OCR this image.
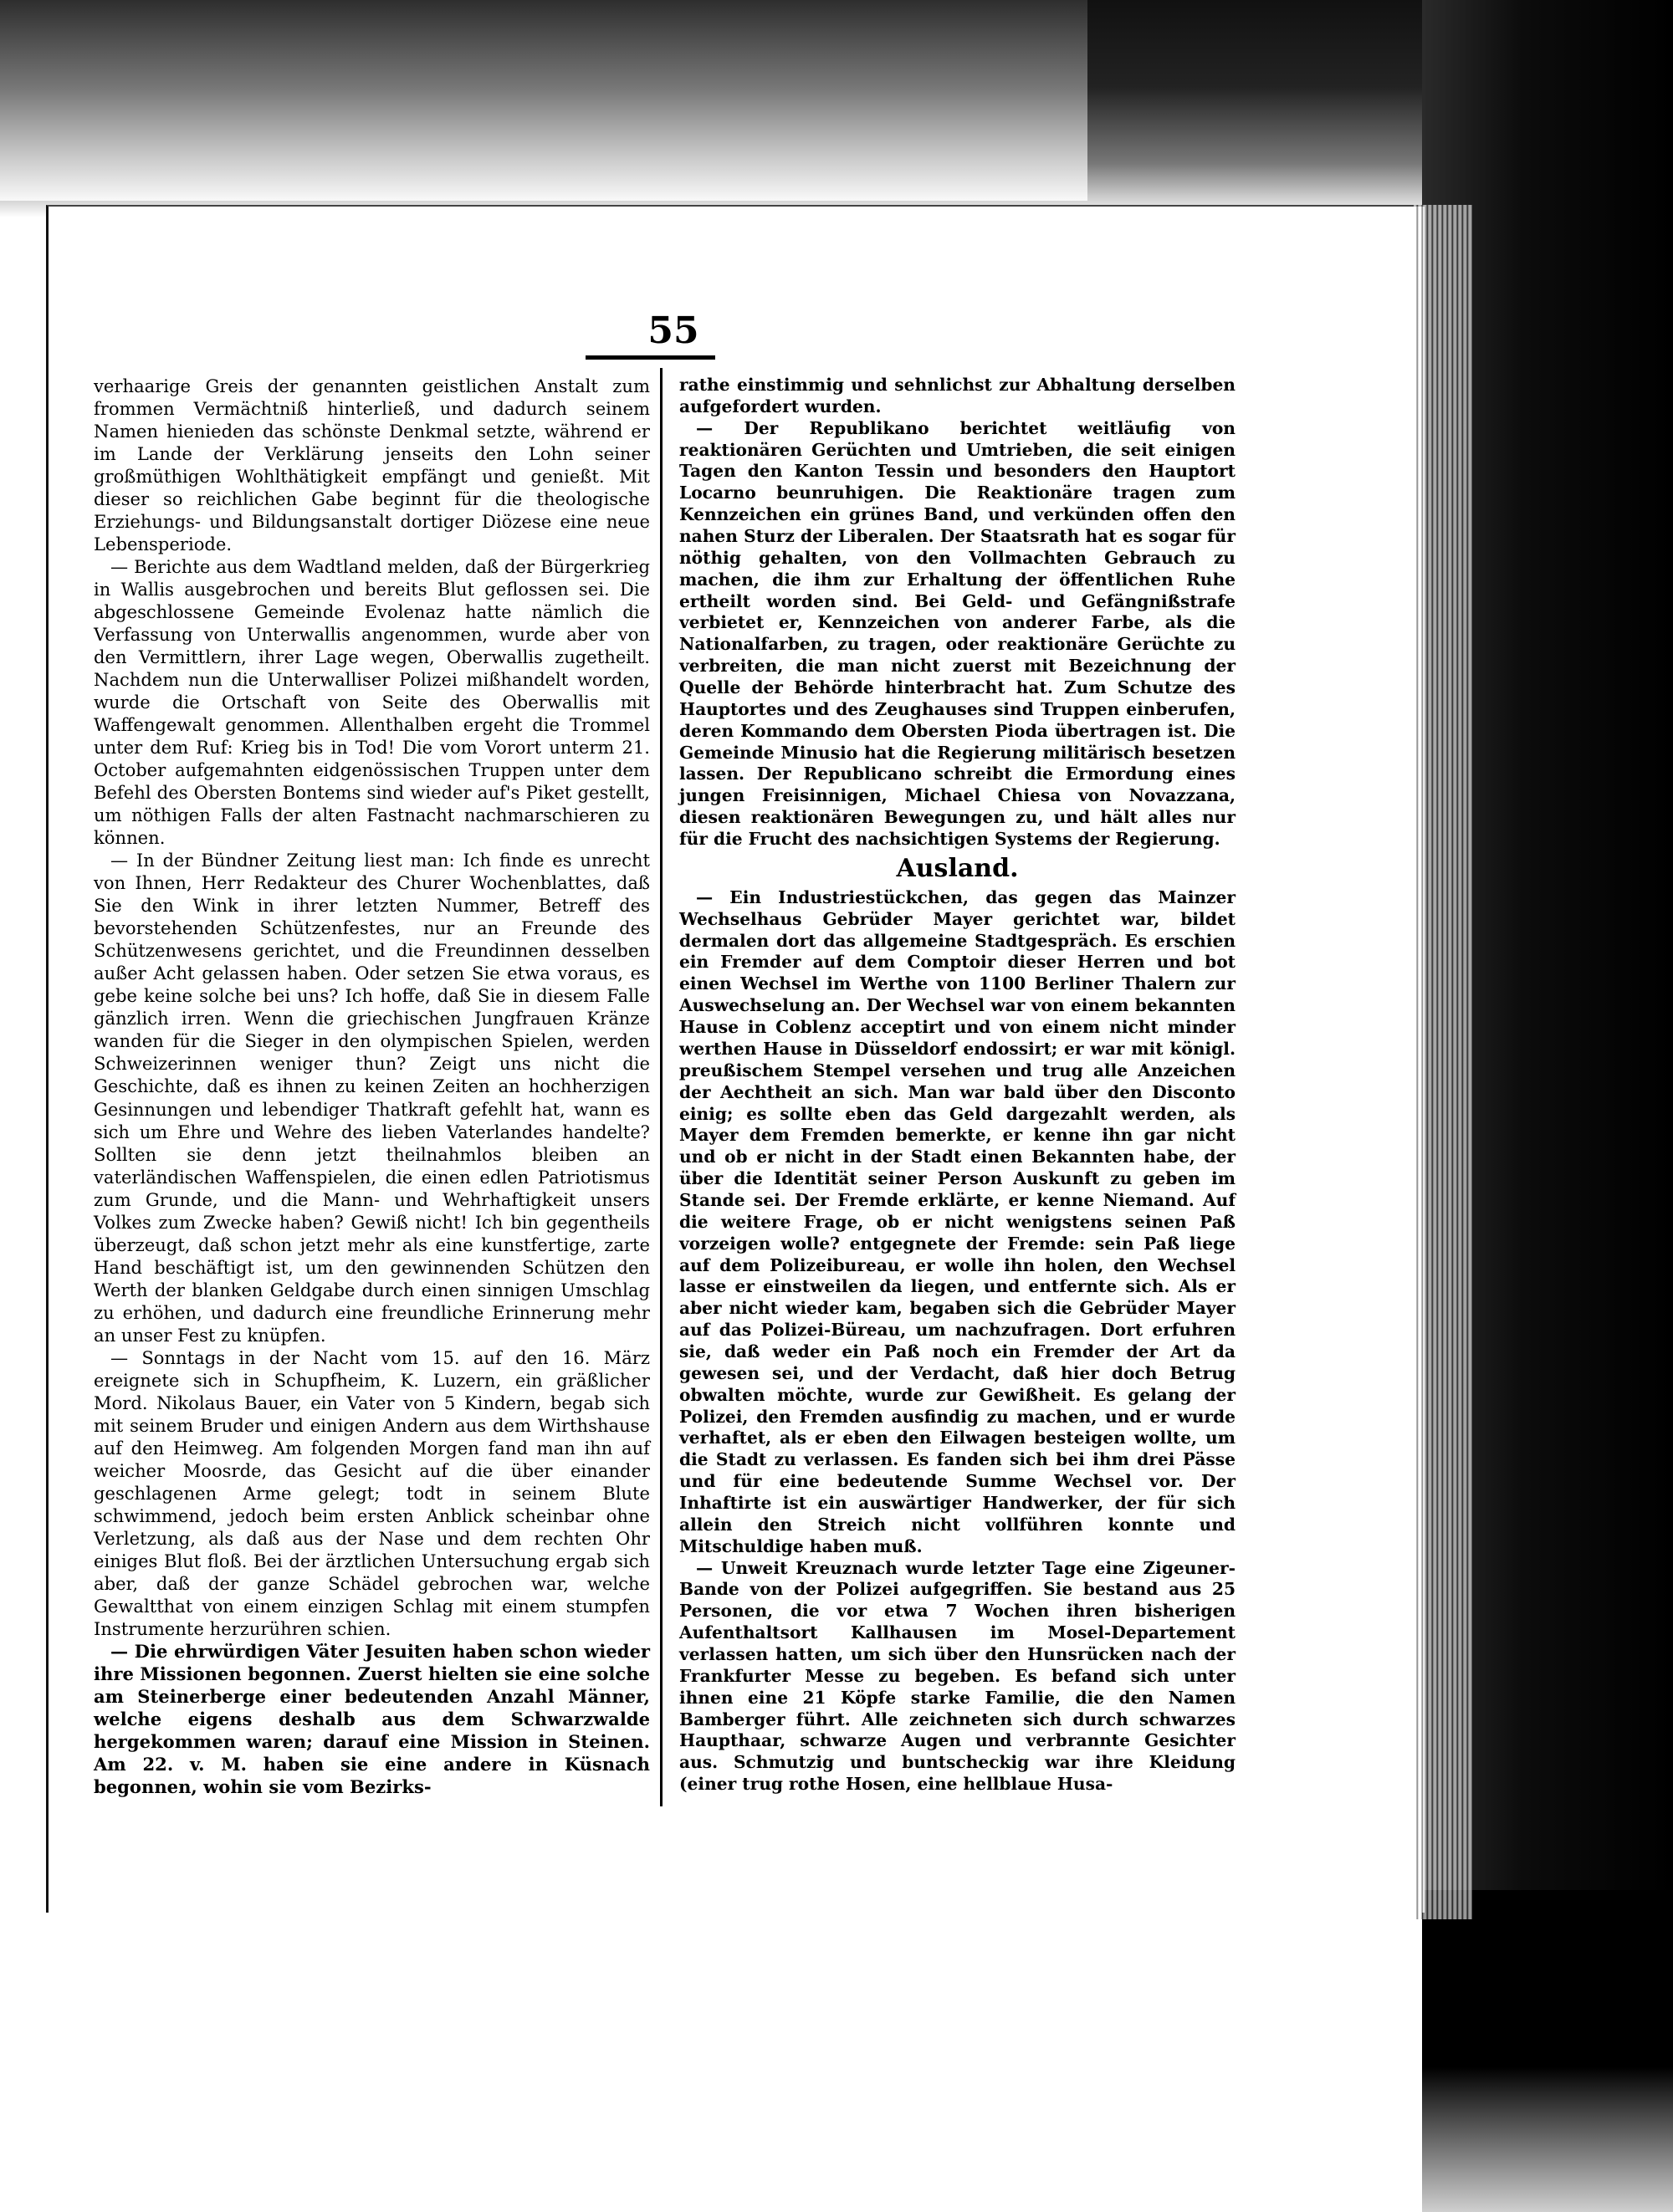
55

verhaarige Greis der genannten geistlichen Anstalt zum frommen Vermächtniß hinterließ, und dadurch seinem Namen hienieden das schönste Denkmal setzte, während er im Lande der Verklärung jenseits den Lohn seiner großmüthigen Wohlthätigkeit empfängt und genießt. Mit dieser so reichlichen Gabe beginnt für die theologische Erziehungs- und Bildungsanstalt dortiger Diözese eine neue Lebensperiode.

— Berichte aus dem Wadtland melden, daß der Bürgerkrieg in Wallis ausgebrochen und bereits Blut geflossen sei. Die abgeschlossene Gemeinde Evolenaz hatte nämlich die Verfassung von Unterwallis angenommen, wurde aber von den Vermittlern, ihrer Lage wegen, Oberwallis zugetheilt. Nachdem nun die Unterwalliser Polizei mißhandelt worden, wurde die Ortschaft von Seite des Oberwallis mit Waffengewalt genommen. Allenthalben ergeht die Trommel unter dem Ruf: Krieg bis in Tod! Die vom Vorort unterm 21. October aufgemahnten eidgenössischen Truppen unter dem Befehl des Obersten Bontems sind wieder auf's Piket gestellt, um nöthigen Falls der alten Fastnacht nachmarschieren zu können.

— In der Bündner Zeitung liest man: Ich finde es unrecht von Ihnen, Herr Redakteur des Churer Wochenblattes, daß Sie den Wink in ihrer letzten Nummer, Betreff des bevorstehenden Schützenfestes, nur an Freunde des Schützenwesens gerichtet, und die Freundinnen desselben außer Acht gelassen haben. Oder setzen Sie etwa voraus, es gebe keine solche bei uns? Ich hoffe, daß Sie in diesem Falle gänzlich irren. Wenn die griechischen Jungfrauen Kränze wanden für die Sieger in den olympischen Spielen, werden Schweizerinnen weniger thun? Zeigt uns nicht die Geschichte, daß es ihnen zu keinen Zeiten an hochherzigen Gesinnungen und lebendiger Thatkraft gefehlt hat, wann es sich um Ehre und Wehre des lieben Vaterlandes handelte? Sollten sie denn jetzt theilnahmlos bleiben an vaterländischen Waffenspielen, die einen edlen Patriotismus zum Grunde, und die Mann- und Wehrhaftigkeit unsers Volkes zum Zwecke haben? Gewiß nicht! Ich bin gegentheils überzeugt, daß schon jetzt mehr als eine kunstfertige, zarte Hand beschäftigt ist, um den gewinnenden Schützen den Werth der blanken Geldgabe durch einen sinnigen Umschlag zu erhöhen, und dadurch eine freundliche Erinnerung mehr an unser Fest zu knüpfen.

— Sonntags in der Nacht vom 15. auf den 16. März ereignete sich in Schupfheim, K. Luzern, ein gräßlicher Mord. Nikolaus Bauer, ein Vater von 5 Kindern, begab sich mit seinem Bruder und einigen Andern aus dem Wirthshause auf den Heimweg. Am folgenden Morgen fand man ihn auf weicher Moosrde, das Gesicht auf die über einander geschlagenen Arme gelegt; todt in seinem Blute schwimmend, jedoch beim ersten Anblick scheinbar ohne Verletzung, als daß aus der Nase und dem rechten Ohr einiges Blut floß. Bei der ärztlichen Untersuchung ergab sich aber, daß der ganze Schädel gebrochen war, welche Gewaltthat von einem einzigen Schlag mit einem stumpfen Instrumente herzurühren schien.

— Die ehrwürdigen Väter Jesuiten haben schon wieder ihre Missionen begonnen. Zuerst hielten sie eine solche am Steinerberge einer bedeutenden Anzahl Männer, welche eigens deshalb aus dem Schwarzwalde hergekommen waren; darauf eine Mission in Steinen. Am 22. v. M. haben sie eine andere in Küsnach begonnen, wohin sie vom Bezirks-

rathe einstimmig und sehnlichst zur Abhaltung derselben aufgefordert wurden.

— Der Republikano berichtet weitläufig von reaktionären Gerüchten und Umtrieben, die seit einigen Tagen den Kanton Tessin und besonders den Hauptort Locarno beunruhigen. Die Reaktionäre tragen zum Kennzeichen ein grünes Band, und verkünden offen den nahen Sturz der Liberalen. Der Staatsrath hat es sogar für nöthig gehalten, von den Vollmachten Gebrauch zu machen, die ihm zur Erhaltung der öffentlichen Ruhe ertheilt worden sind. Bei Geld- und Gefängnißstrafe verbietet er, Kennzeichen von anderer Farbe, als die Nationalfarben, zu tragen, oder reaktionäre Gerüchte zu verbreiten, die man nicht zuerst mit Bezeichnung der Quelle der Behörde hinterbracht hat. Zum Schutze des Hauptortes und des Zeughauses sind Truppen einberufen, deren Kommando dem Obersten Pioda übertragen ist. Die Gemeinde Minusio hat die Regierung militärisch besetzen lassen. Der Republicano schreibt die Ermordung eines jungen Freisinnigen, Michael Chiesa von Novazzana, diesen reaktionären Bewegungen zu, und hält alles nur für die Frucht des nachsichtigen Systems der Regierung.

Ausland.

— Ein Industriestückchen, das gegen das Mainzer Wechselhaus Gebrüder Mayer gerichtet war, bildet dermalen dort das allgemeine Stadtgespräch. Es erschien ein Fremder auf dem Comptoir dieser Herren und bot einen Wechsel im Werthe von 1100 Berliner Thalern zur Auswechselung an. Der Wechsel war von einem bekannten Hause in Coblenz acceptirt und von einem nicht minder werthen Hause in Düsseldorf endossirt; er war mit königl. preußischem Stempel versehen und trug alle Anzeichen der Aechtheit an sich. Man war bald über den Disconto einig; es sollte eben das Geld dargezahlt werden, als Mayer dem Fremden bemerkte, er kenne ihn gar nicht und ob er nicht in der Stadt einen Bekannten habe, der über die Identität seiner Person Auskunft zu geben im Stande sei. Der Fremde erklärte, er kenne Niemand. Auf die weitere Frage, ob er nicht wenigstens seinen Paß vorzeigen wolle? entgegnete der Fremde: sein Paß liege auf dem Polizeibureau, er wolle ihn holen, den Wechsel lasse er einstweilen da liegen, und entfernte sich. Als er aber nicht wieder kam, begaben sich die Gebrüder Mayer auf das Polizei-Büreau, um nachzufragen. Dort erfuhren sie, daß weder ein Paß noch ein Fremder der Art da gewesen sei, und der Verdacht, daß hier doch Betrug obwalten möchte, wurde zur Gewißheit. Es gelang der Polizei, den Fremden ausfindig zu machen, und er wurde verhaftet, als er eben den Eilwagen besteigen wollte, um die Stadt zu verlassen. Es fanden sich bei ihm drei Pässe und für eine bedeutende Summe Wechsel vor. Der Inhaftirte ist ein auswärtiger Handwerker, der für sich allein den Streich nicht vollführen konnte und Mitschuldige haben muß.

— Unweit Kreuznach wurde letzter Tage eine Zigeuner-Bande von der Polizei aufgegriffen. Sie bestand aus 25 Personen, die vor etwa 7 Wochen ihren bisherigen Aufenthaltsort Kallhausen im Mosel-Departement verlassen hatten, um sich über den Hunsrücken nach der Frankfurter Messe zu begeben. Es befand sich unter ihnen eine 21 Köpfe starke Familie, die den Namen Bamberger führt. Alle zeichneten sich durch schwarzes Haupthaar, schwarze Augen und verbrannte Gesichter aus. Schmutzig und buntscheckig war ihre Kleidung (einer trug rothe Hosen, eine hellblaue Husa-
